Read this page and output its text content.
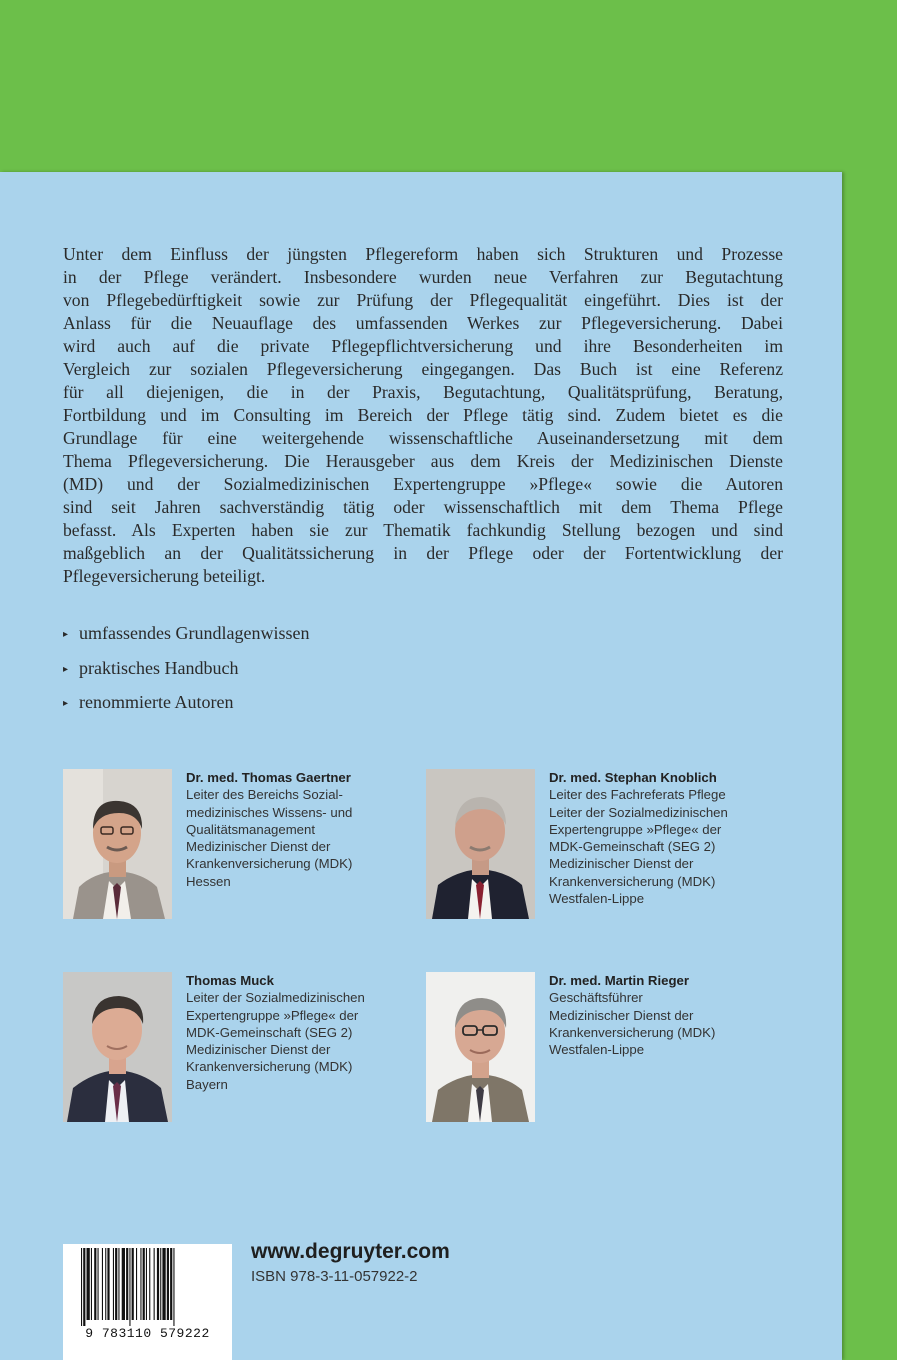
Unter dem Einfluss der jüngsten Pflegereform haben sich Strukturen und Prozesse
in der Pflege verändert. Insbesondere wurden neue Verfahren zur Begutachtung
von Pflegebedürftigkeit sowie zur Prüfung der Pflegequalität eingeführt. Dies ist der
Anlass für die Neuauflage des umfassenden Werkes zur Pflegeversicherung. Dabei
wird auch auf die private Pflegepflichtversicherung und ihre Besonderheiten im
Vergleich zur sozialen Pflegeversicherung eingegangen. Das Buch ist eine Referenz
für all diejenigen, die in der Praxis, Begutachtung, Qualitätsprüfung, Beratung,
Fortbildung und im Consulting im Bereich der Pflege tätig sind. Zudem bietet es die
Grundlage für eine weitergehende wissenschaftliche Auseinandersetzung mit dem
Thema Pflegeversicherung. Die Herausgeber aus dem Kreis der Medizinischen Dienste
(MD) und der Sozialmedizinischen Expertengruppe »Pflege« sowie die Autoren
sind seit Jahren sachverständig tätig oder wissenschaftlich mit dem Thema Pflege
befasst. Als Experten haben sie zur Thematik fachkundig Stellung bezogen und sind
maßgeblich an der Qualitätssicherung in der Pflege oder der Fortentwicklung der
Pflegeversicherung beteiligt.
▸ umfassendes Grundlagenwissen
▸ praktisches Handbuch
▸ renommierte Autoren
Dr. med. Thomas Gaertner
Leiter des Bereichs Sozial-
medizinisches Wissens- und
Qualitätsmanagement
Medizinischer Dienst der
Krankenversicherung (MDK)
Hessen
Dr. med. Stephan Knoblich
Leiter des Fachreferats Pflege
Leiter der Sozialmedizinischen
Expertengruppe »Pflege« der
MDK-Gemeinschaft (SEG 2)
Medizinischer Dienst der
Krankenversicherung (MDK)
Westfalen-Lippe
Thomas Muck
Leiter der Sozialmedizinischen
Expertengruppe »Pflege« der
MDK-Gemeinschaft (SEG 2)
Medizinischer Dienst der
Krankenversicherung (MDK)
Bayern
Dr. med. Martin Rieger
Geschäftsführer
Medizinischer Dienst der
Krankenversicherung (MDK)
Westfalen-Lippe
9 783110 579222
www.degruyter.com
ISBN 978-3-11-057922-2
